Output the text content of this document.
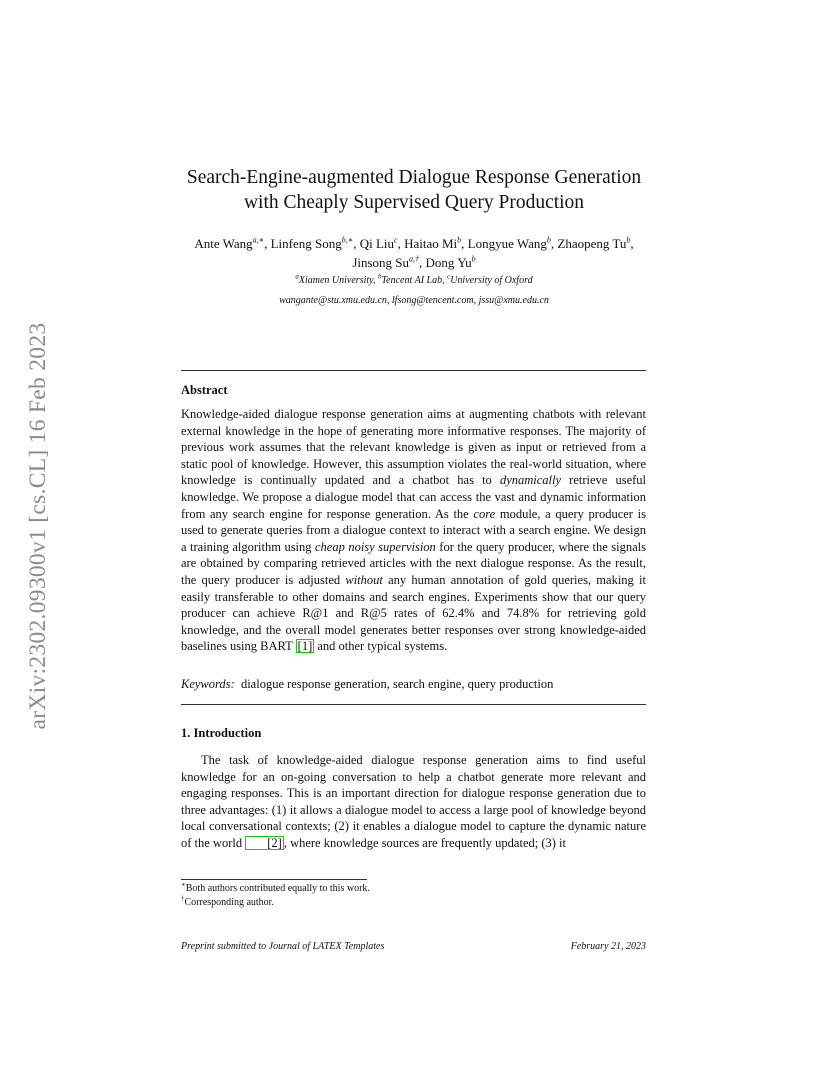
arXiv:2302.09300v1 [cs.CL] 16 Feb 2023
Search-Engine-augmented Dialogue Response Generation
with Cheaply Supervised Query Production
Ante Wang$^{a,∗}$, Linfeng Song$^{b,∗}$, Qi Liu$^c$, Haitao Mi$^b$, Longyue Wang$^b$, Zhaopeng Tu$^b$,
Jinsong $Su^{a,\dagger}$, Dong Yu$^b$
$^a$Xiamen University, $^b$Tencent AI Lab, $^c$University of Oxford
wangante@stu.xmu.edu.cn, lfsong@tencent.com, jssu@xmu.edu.cn
Abstract
Knowledge-aided dialogue response generation aims at augmenting chatbots with relevant external knowledge in the hope of generating more informative responses. The majority of previous work assumes that the relevant knowledge is given as input or retrieved from a static pool of knowledge. However, this assumption violates the real-world situation, where knowledge is continually updated and a chatbot has to dynamically retrieve useful knowledge. We propose a dialogue model that can access the vast and dynamic information from any search engine for response generation. As the core module, a query producer is used to generate queries from a dialogue context to interact with a search engine. We design a training algorithm using cheap noisy supervision for the query producer, where the signals are obtained by comparing retrieved articles with the next dialogue response. As the result, the query producer is adjusted without any human annotation of gold queries, making it easily transferable to other domains and search engines. Experiments show that our query producer can achieve R@1 and R@5 rates of 62.4% and 74.8% for retrieving gold knowledge, and the overall model generates better responses over strong knowledge-aided baselines using BART [1] and other typical systems.
Keywords: dialogue response generation, search engine, query production
1. Introduction
The task of knowledge-aided dialogue response generation aims to find useful knowledge for an on-going conversation to help a chatbot generate more relevant and engaging responses. This is an important direction for dialogue response generation due to three advantages: (1) it allows a dialogue model to access a large pool of knowledge beyond local conversational contexts; (2) it enables a dialogue model to capture the dynamic nature of the world [2] , where knowledge sources are frequently updated; (3) it
∗Both authors contributed equally to this work.
†Corresponding author.
Preprint submitted to Journal of LATEX Templates	February 21, 2023
